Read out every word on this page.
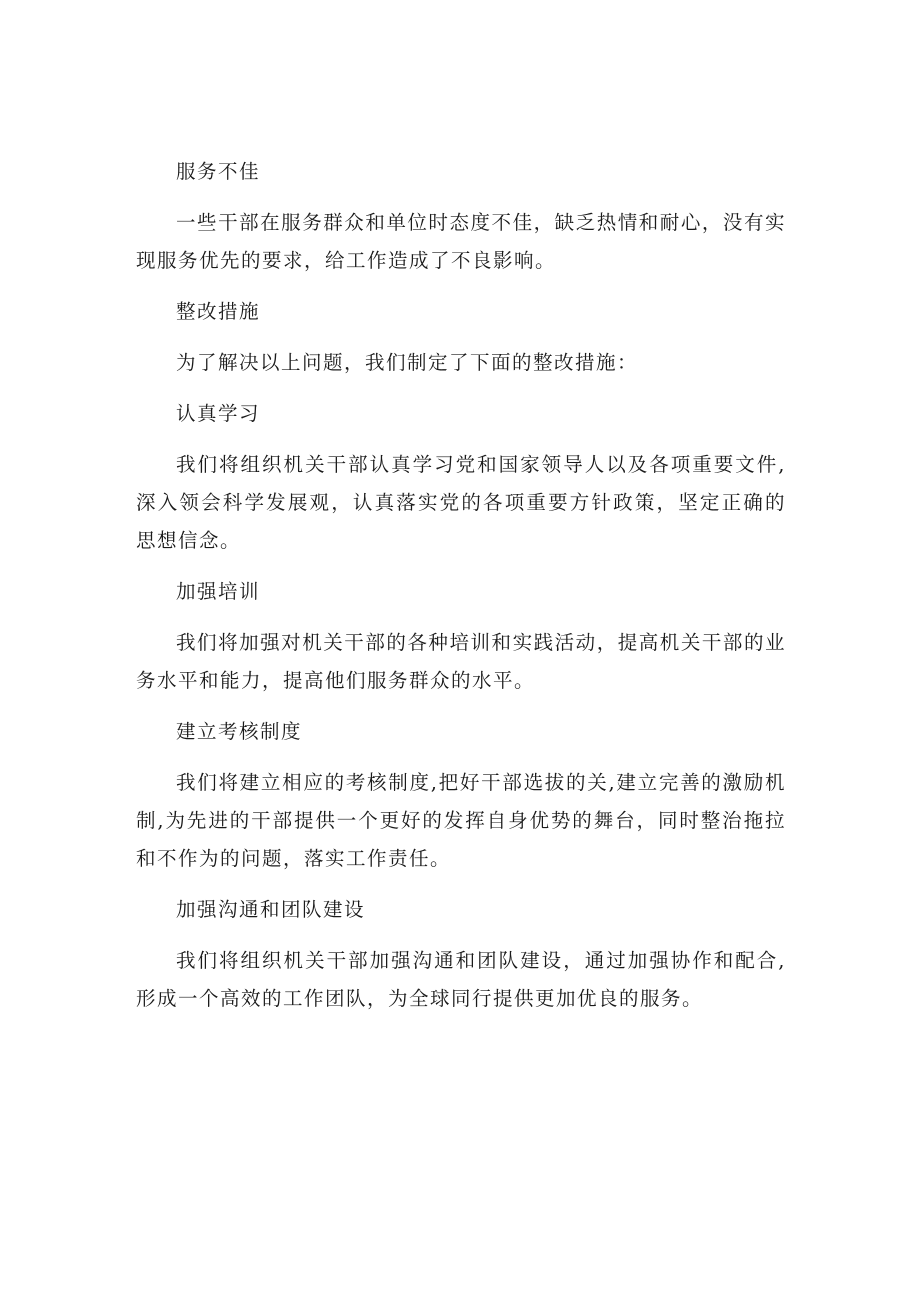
服务不佳

一些干部在服务群众和单位时态度不佳，缺乏热情和耐心，没有实现服务优先的要求，给工作造成了不良影响。

整改措施

为了解决以上问题，我们制定了下面的整改措施：

认真学习

我们将组织机关干部认真学习党和国家领导人以及各项重要文件,深入领会科学发展观，认真落实党的各项重要方针政策，坚定正确的思想信念。

加强培训

我们将加强对机关干部的各种培训和实践活动，提高机关干部的业务水平和能力，提高他们服务群众的水平。

建立考核制度

我们将建立相应的考核制度,把好干部选拔的关,建立完善的激励机制,为先进的干部提供一个更好的发挥自身优势的舞台，同时整治拖拉和不作为的问题，落实工作责任。

加强沟通和团队建设

我们将组织机关干部加强沟通和团队建设，通过加强协作和配合,形成一个高效的工作团队，为全球同行提供更加优良的服务。
